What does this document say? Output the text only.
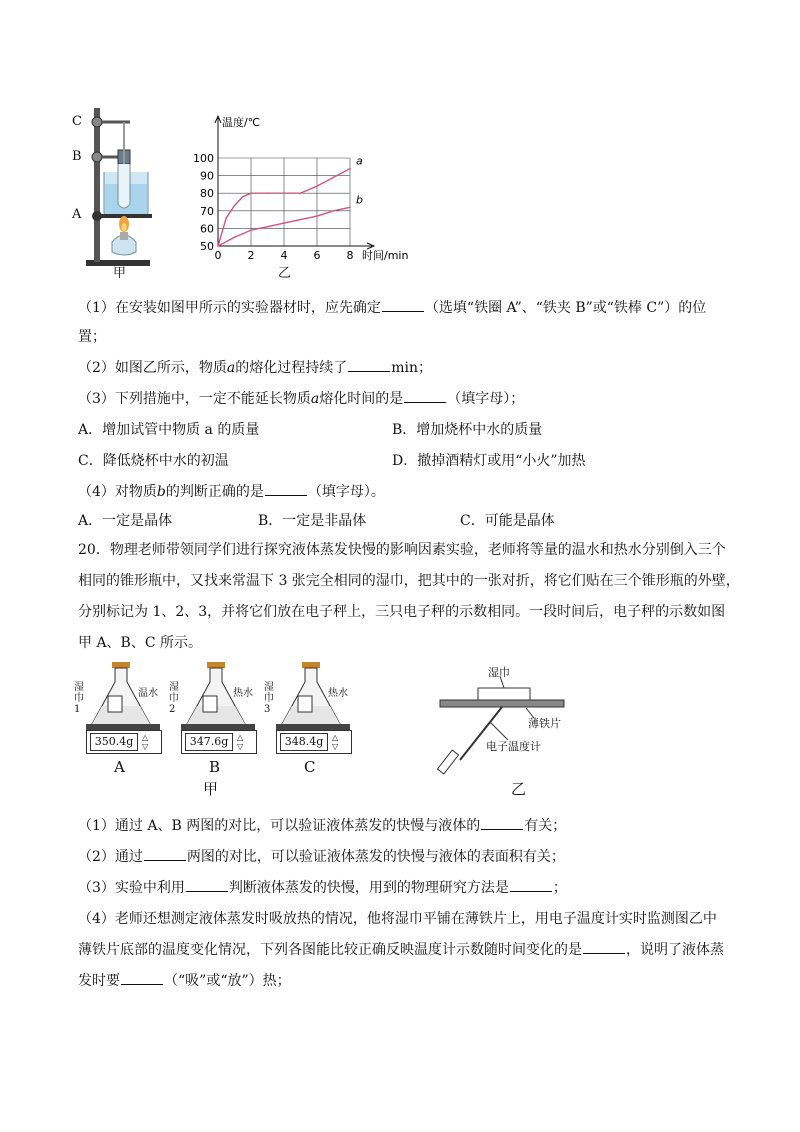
C
B
A
甲
50
60
70
80
90
100
0 2 4 6 8
温度/℃
时间/min
a
b
乙
（1）在安装如图甲所示的实验器材时，应先确定	（选填“铁圈 A”、“铁夹 B”或“铁棒 C”）的位
置；
（2）如图乙所示，物质a的熔化过程持续了	min；
（3）下列措施中，一定不能延长物质a熔化时间的是	（填字母）；
A．增加试管中物质 a 的质量	B．增加烧杯中水的质量
C．降低烧杯中水的初温	D．撤掉酒精灯或用“小火”加热
（4）对物质b的判断正确的是	（填字母）。
A．一定是晶体	B．一定是非晶体	C．可能是晶体
20．物理老师带领同学们进行探究液体蒸发快慢的影响因素实验，老师将等量的温水和热水分别倒入三个
相同的锥形瓶中，又找来常温下 3 张完全相同的湿巾，把其中的一张对折，将它们贴在三个锥形瓶的外壁，
分别标记为 1、2、3，并将它们放在电子秤上，三只电子秤的示数相同。一段时间后，电子秤的示数如图
甲 A、B、C 所示。
350.4g	△
▽
湿巾
1
温水
A
347.6g	△
▽
湿巾
2
热水
B
348.4g	△
▽
湿巾
3
热水
C
甲
湿巾
薄铁片
电子温度计
乙
（1）通过 A、B 两图的对比，可以验证液体蒸发的快慢与液体的	有关；
（2）通过	两图的对比，可以验证液体蒸发的快慢与液体的表面积有关；
（3）实验中利用	判断液体蒸发的快慢，用到的物理研究方法是	；
（4）老师还想测定液体蒸发时吸放热的情况，他将湿巾平铺在薄铁片上，用电子温度计实时监测图乙中
薄铁片底部的温度变化情况，下列各图能比较正确反映温度计示数随时间变化的是	，说明了液体蒸
发时要	（“吸”或“放”）热；
